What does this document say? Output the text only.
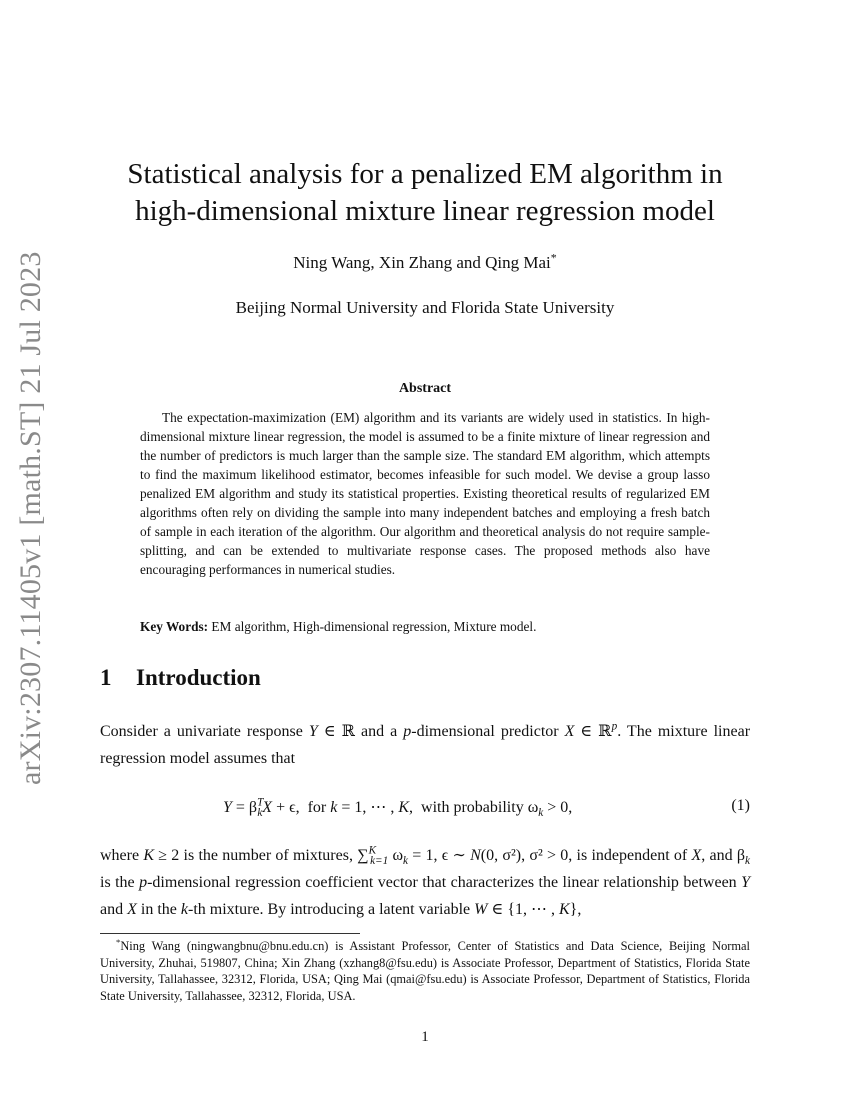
arXiv:2307.11405v1 [math.ST] 21 Jul 2023
Statistical analysis for a penalized EM algorithm in
high-dimensional mixture linear regression model
Ning Wang, Xin Zhang and Qing Mai*
Beijing Normal University and Florida State University
Abstract
The expectation-maximization (EM) algorithm and its variants are widely used in statistics. In high-dimensional mixture linear regression, the model is assumed to be a finite mixture of linear regression and the number of predictors is much larger than the sample size. The standard EM algorithm, which attempts to find the maximum likelihood estimator, becomes infeasible for such model. We devise a group lasso penalized EM algorithm and study its statistical properties. Existing theoretical results of regularized EM algorithms often rely on dividing the sample into many independent batches and employing a fresh batch of sample in each iteration of the algorithm. Our algorithm and theoretical analysis do not require sample-splitting, and can be extended to multivariate response cases. The proposed methods also have encouraging performances in numerical studies.
Key Words: EM algorithm, High-dimensional regression, Mixture model.
1 Introduction
Consider a univariate response Y ∈ ℝ and a p-dimensional predictor X ∈ ℝ$^p$. The mixture linear regression model assumes that
$Y = \beta^T_kX + \epsilon$,  for k = 1, ⋯ , K,  with probability $\omega_k > 0$,	(1)
where K ≥ 2 is the number of mixtures, ∑$^K_{k=1}$ $\omega_k = 1$, ϵ ∼ N(0, σ²), σ² > 0, is independent of X, and $\beta_k$ is the p-dimensional regression coefficient vector that characterizes the linear relationship between Y and X in the k-th mixture. By introducing a latent variable W ∈ {1, ⋯ , K},
*Ning Wang (ningwangbnu@bnu.edu.cn) is Assistant Professor, Center of Statistics and Data Science, Beijing Normal University, Zhuhai, 519807, China; Xin Zhang (xzhang8@fsu.edu) is Associate Professor, Department of Statistics, Florida State University, Tallahassee, 32312, Florida, USA; Qing Mai (qmai@fsu.edu) is Associate Professor, Department of Statistics, Florida State University, Tallahassee, 32312, Florida, USA.
1
